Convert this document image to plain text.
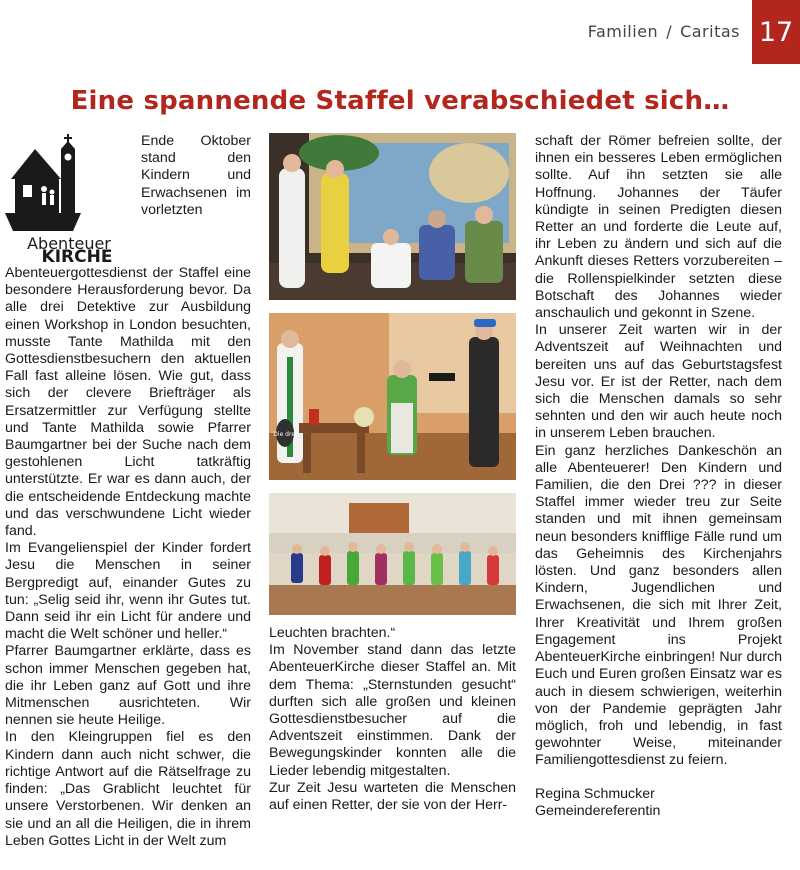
Familien / Caritas 17
Eine spannende Staffel verabschiedet sich…
Abenteuer
KIRCHE

Ende Oktober stand den Kindern und Erwachsenen im vorletzten Abenteuergottesdienst der Staffel eine besondere Herausforderung bevor. Da alle drei Detektive zur Ausbildung einen Workshop in London besuchten, musste Tante Mathilda mit den Gottesdienstbesuchern den aktuellen Fall fast alleine lösen. Wie gut, dass sich der clevere Briefträger als Ersatzermittler zur Verfügung stellte und Tante Mathilda sowie Pfarrer Baumgartner bei der Suche nach dem gestohlenen Licht tatkräftig unterstützte. Er war es dann auch, der die entscheidende Entdeckung machte und das verschwundene Licht wieder fand.

Im Evangelienspiel der Kinder fordert Jesu die Menschen in seiner Bergpredigt auf, einander Gutes zu tun: „Selig seid ihr, wenn ihr Gutes tut. Dann seid ihr ein Licht für andere und macht die Welt schöner und heller.“

Pfarrer Baumgartner erklärte, dass es schon immer Menschen gegeben hat, die ihr Leben ganz auf Gott und ihre Mitmenschen ausrichteten. Wir nennen sie heute Heilige.

In den Kleingruppen fiel es den Kindern dann auch nicht schwer, die richtige Antwort auf die Rätselfrage zu finden: „Das Grablicht leuchtet für unsere Verstorbenen. Wir denken an sie und an all die Heiligen, die in ihrem Leben Gottes Licht in der Welt zum

Die drei

Leuchten brachten.“

Im November stand dann das letzte AbenteuerKirche dieser Staffel an. Mit dem Thema: „Sternstunden gesucht“ durften sich alle großen und kleinen Gottesdienstbesucher auf die Adventszeit einstimmen. Dank der Bewegungskinder konnten alle die Lieder lebendig mitgestalten.

Zur Zeit Jesu warteten die Menschen auf einen Retter, der sie von der Herr-

schaft der Römer befreien sollte, der ihnen ein besseres Leben ermöglichen sollte. Auf ihn setzten sie alle Hoffnung. Johannes der Täufer kündigte in seinen Predigten diesen Retter an und forderte die Leute auf, ihr Leben zu ändern und sich auf die Ankunft dieses Retters vorzubereiten – die Rollenspielkinder setzten diese Botschaft des Johannes wieder anschaulich und gekonnt in Szene.

In unserer Zeit warten wir in der Adventszeit auf Weihnachten und bereiten uns auf das Geburtstagsfest Jesu vor. Er ist der Retter, nach dem sich die Menschen damals so sehr sehnten und den wir auch heute noch in unserem Leben brauchen.

Ein ganz herzliches Dankeschön an alle Abenteuerer! Den Kindern und Familien, die den Drei ??? in dieser Staffel immer wieder treu zur Seite standen und mit ihnen gemeinsam neun besonders knifflige Fälle rund um das Geheimnis des Kirchenjahrs lösten. Und ganz besonders allen Kindern, Jugendlichen und Erwachsenen, die sich mit Ihrer Zeit, Ihrer Kreativität und Ihrem großen Engagement ins Projekt AbenteuerKirche einbringen! Nur durch Euch und Euren großen Einsatz war es auch in diesem schwierigen, weiterhin von der Pandemie geprägten Jahr möglich, froh und lebendig, in fast gewohnter Weise, miteinander Familiengottesdienst zu feiern.

Regina Schmucker

Gemeindereferentin
